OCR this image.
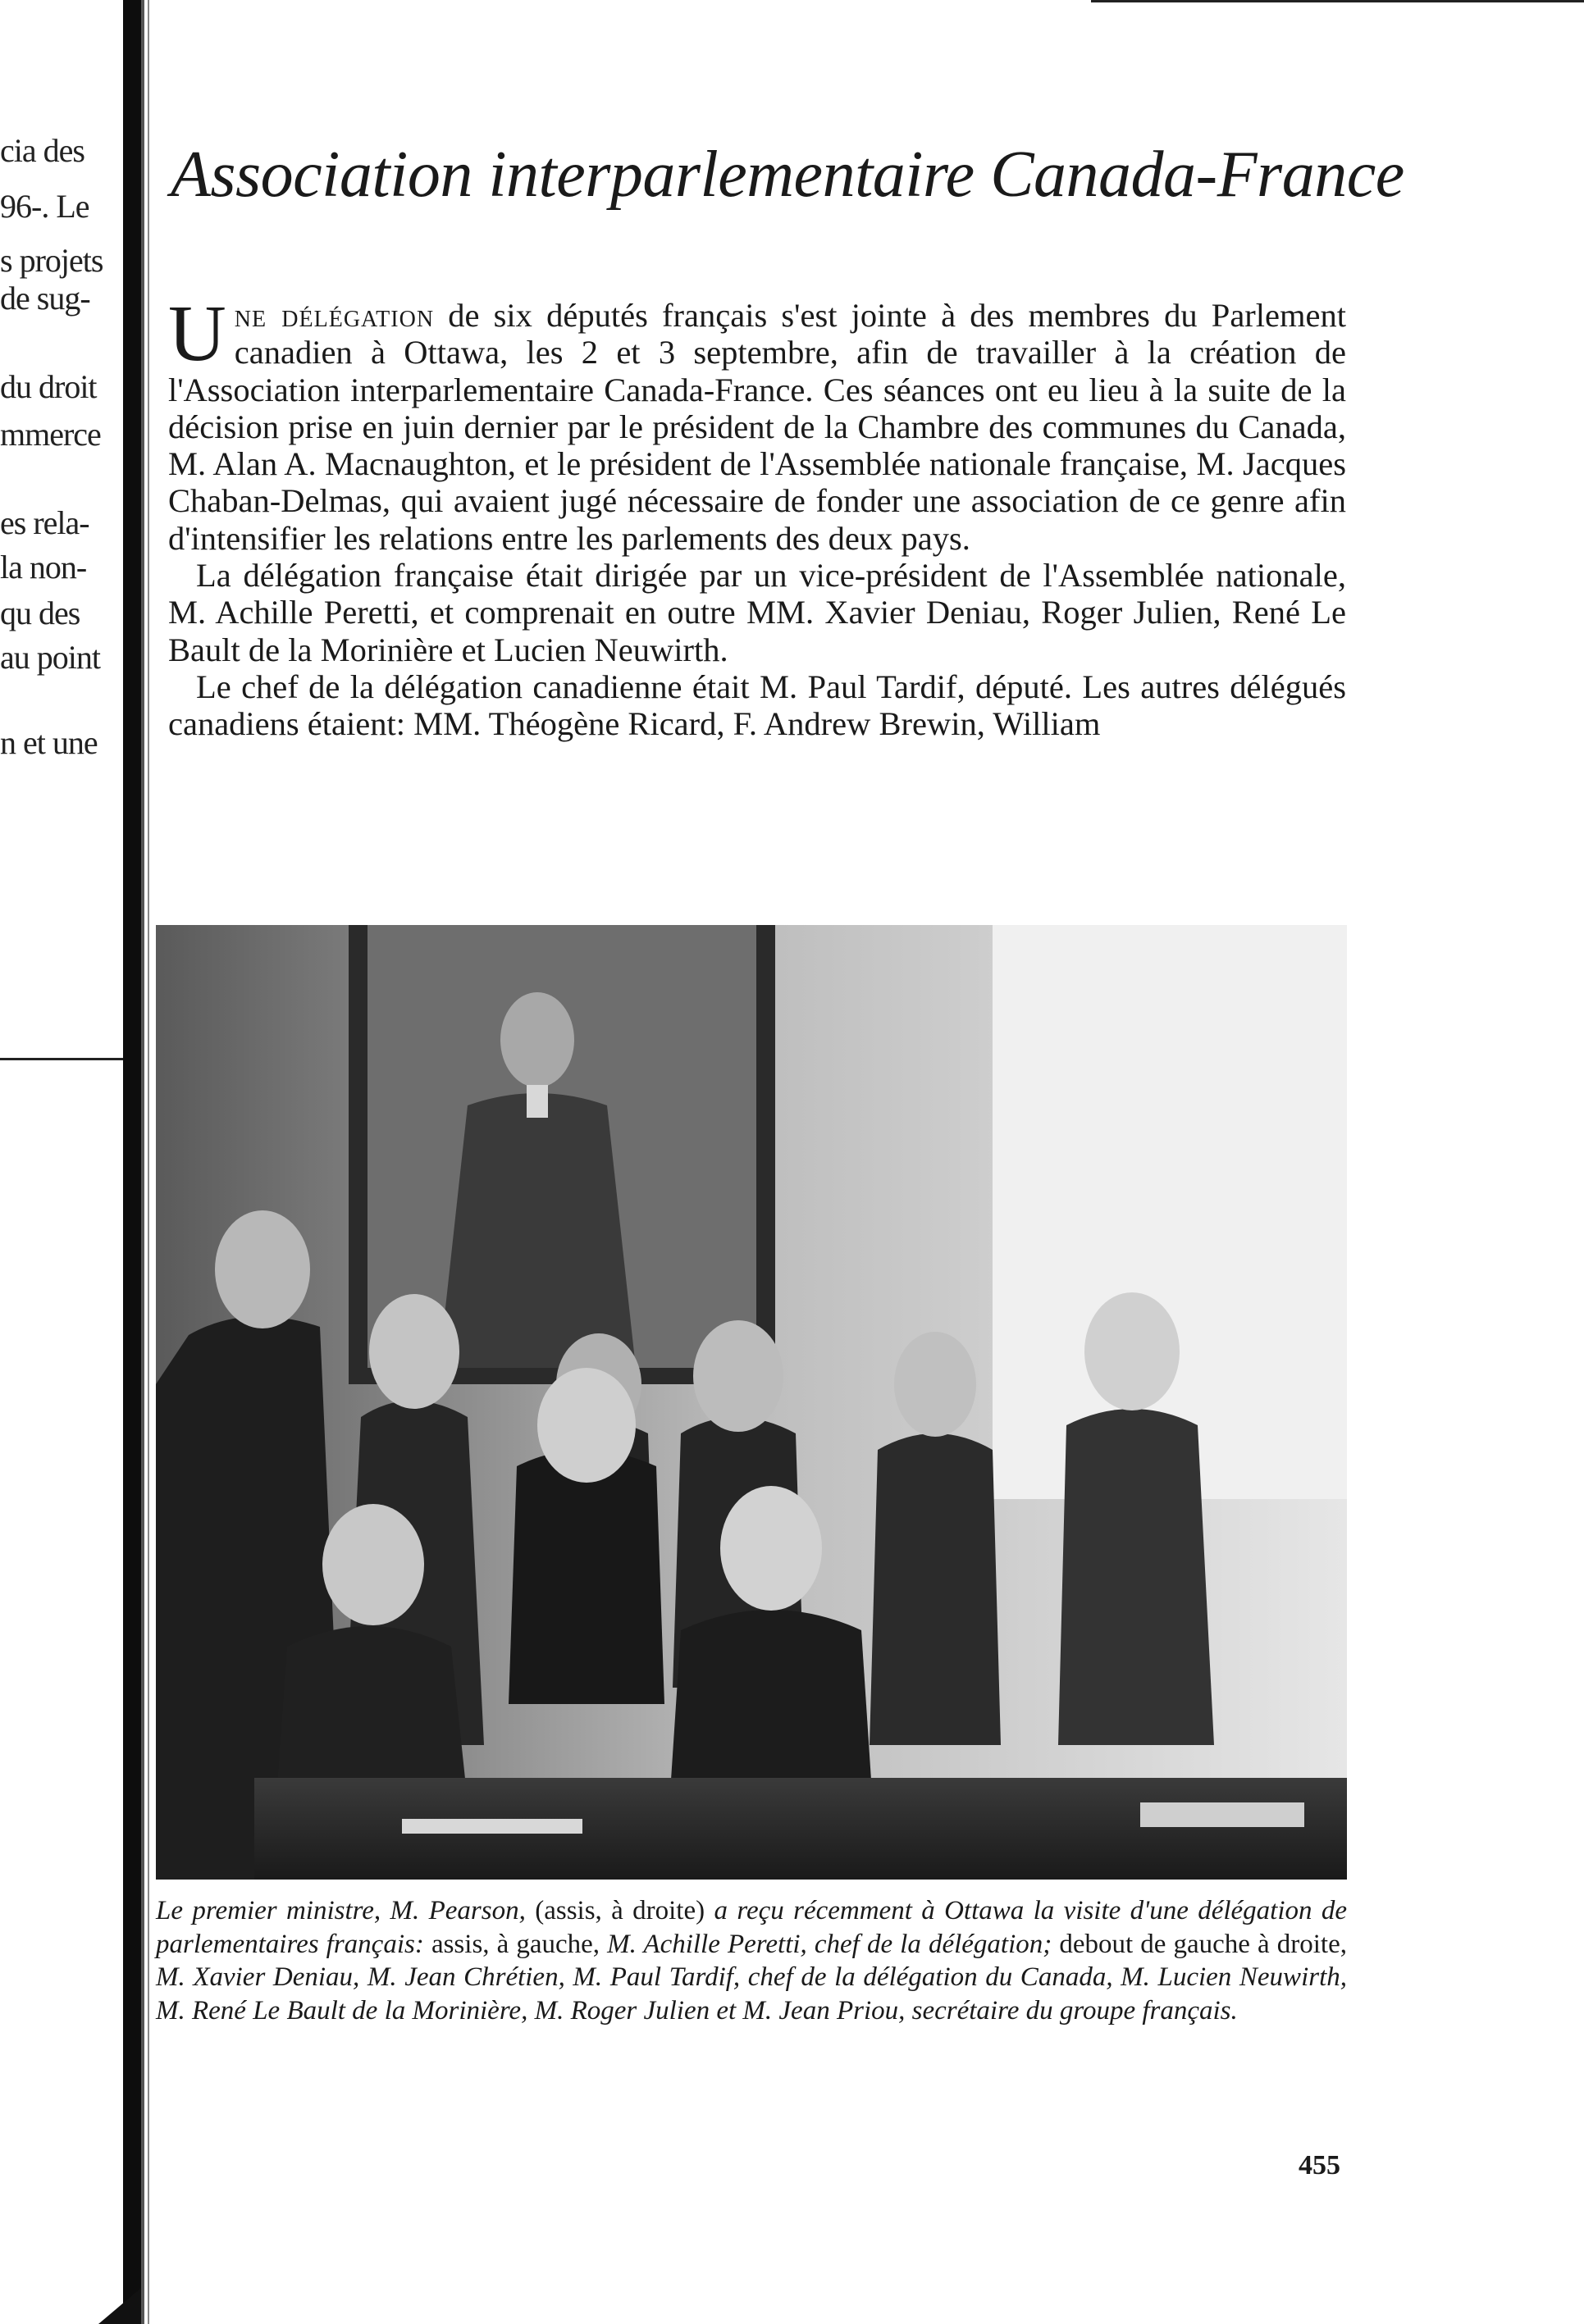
cia des
96-. Le
s projets
de sug-
du droit
mmerce
es rela-
la non-
qu des
au point
n et une
Association interparlementaire Canada-France

Une délégation de six députés français s'est jointe à des membres du Parlement canadien à Ottawa, les 2 et 3 septembre, afin de travailler à la création de l'Association interparlementaire Canada-France. Ces séances ont eu lieu à la suite de la décision prise en juin dernier par le président de la Chambre des communes du Canada, M. Alan A. Macnaughton, et le président de l'Assemblée nationale française, M. Jacques Chaban-Delmas, qui avaient jugé nécessaire de fonder une association de ce genre afin d'intensifier les relations entre les parlements des deux pays.

La délégation française était dirigée par un vice-président de l'Assemblée nationale, M. Achille Peretti, et comprenait en outre MM. Xavier Deniau, Roger Julien, René Le Bault de la Morinière et Lucien Neuwirth.

Le chef de la délégation canadienne était M. Paul Tardif, député. Les autres délégués canadiens étaient: MM. Théogène Ricard, F. Andrew Brewin, William

Le premier ministre, M. Pearson, (assis, à droite) a reçu récemment à Ottawa la visite d'une délégation de parlementaires français: assis, à gauche, M. Achille Peretti, chef de la délégation; debout de gauche à droite, M. Xavier Deniau, M. Jean Chrétien, M. Paul Tardif, chef de la délégation du Canada, M. Lucien Neuwirth, M. René Le Bault de la Morinière, M. Roger Julien et M. Jean Priou, secrétaire du groupe français.

455
